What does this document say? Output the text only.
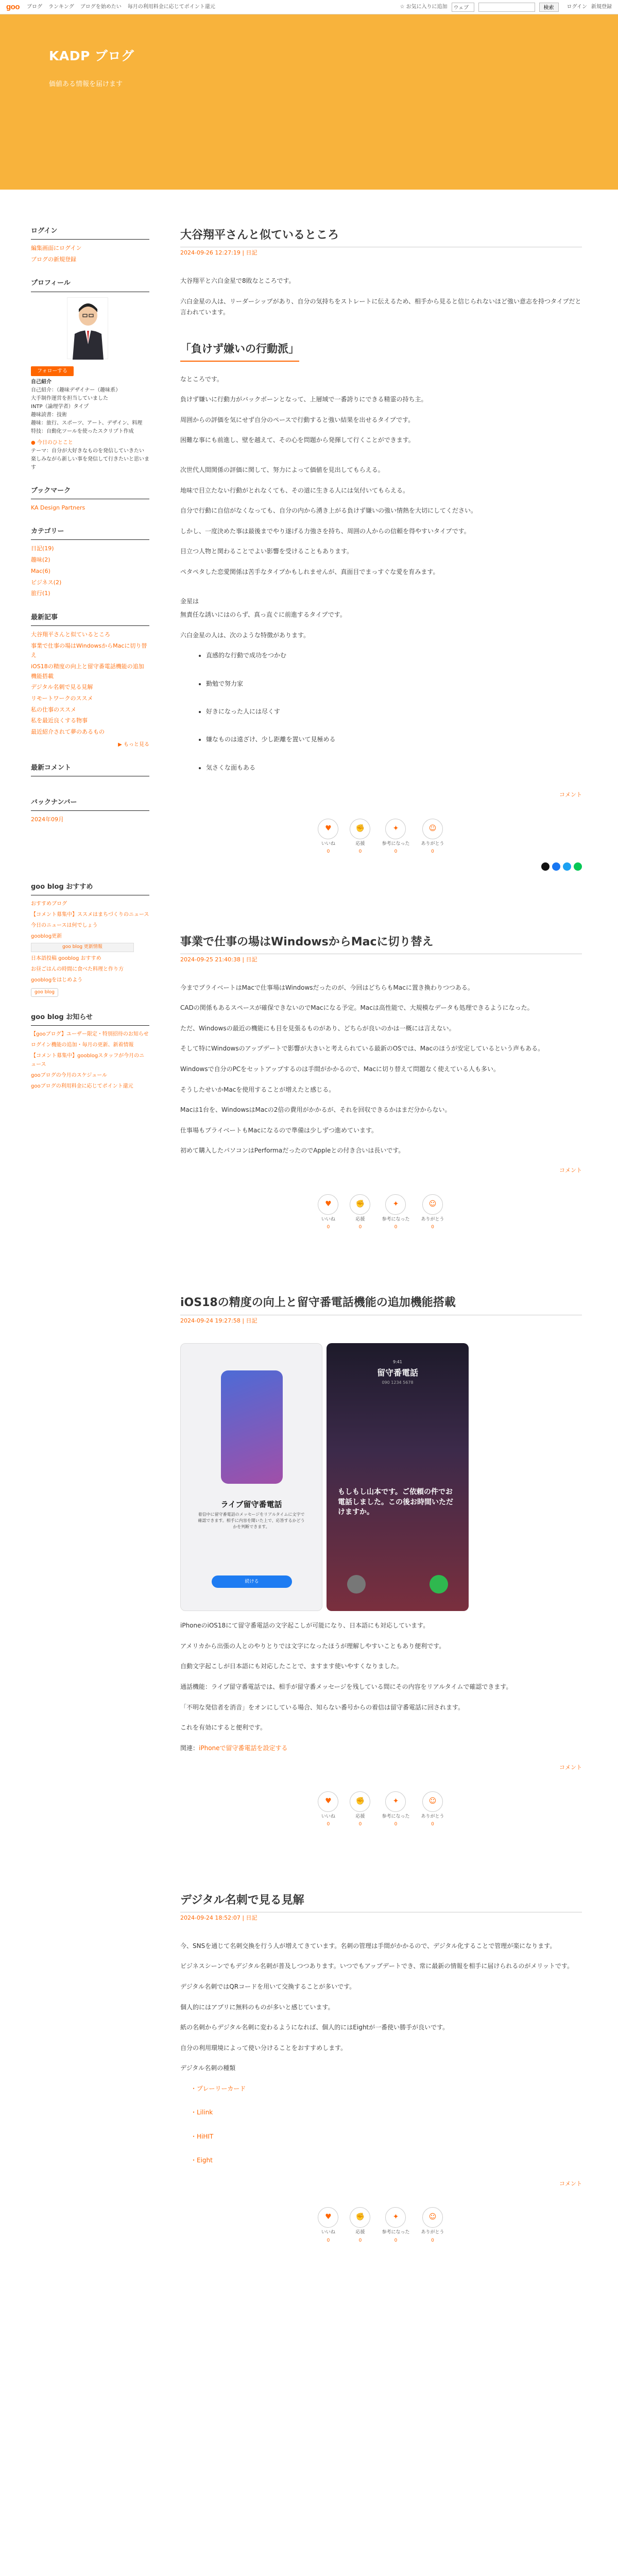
goo ブログ ランキング ブログを始めたい 毎月の利用料金に応じてポイント還元	☆ お気に入りに追加	ウェブ	検索	ログイン 新規登録
KADP ブログ
価値ある情報を届けます
ログイン
編集画面にログイン
ブログの新規登録
プロフィール
フォローする
自己紹介
自己紹介：（趣味デザイナー（趣味系）
大手制作運営を担当していました
INTP（論理学者）タイプ
趣味読書：技術
趣味：旅行、スポーツ、アート、デザイン、料理
特技：自動化ツールを使ったスクリプト作成
● 今日のひとこと
テーマ：自分が大好きなものを発信していきたい
楽しみながら新しい事を発信して行きたいと思います
ブックマーク
KA Design Partners
カテゴリー
日記(19)
趣味(2)
Mac(6)
ビジネス(2)
旅行(1)
最新記事
大谷翔平さんと似ているところ
事業で仕事の場はWindowsからMacに切り替え
iOS18の精度の向上と留守番電話機能の追加機能搭載
デジタル名刺で見る見解
リモートワークのススメ
私の仕事のススメ
私を最近良くする物事
最近紹介されて夢のあるもの
▶ もっと見る
最新コメント
バックナンバー
2024年09月
goo blog おすすめ
おすすめブログ
【コメント募集中】ススメはまちづくりのニュース
今日のニュースは何でしょう
gooblog更新
goo blog 更新情報
日本語投稿 gooblog おすすめ
お昼ごはんの時間に食べた料理と作り方
gooblogをはじめよう
goo blog
goo blog お知らせ
【gooブログ】ユーザー限定・特別招待のお知らせ
ログイン機能の追加・毎月の更新、新着情報
【コメント募集中】gooblogスタッフが今月のニュース
gooブログの今月のスケジュール
gooブログの利用料金に応じてポイント還元
大谷翔平さんと似ているところ
2024-09-26 12:27:19 | 日記

大谷翔平と六白金星で8敗なところです。

六白金星の人は、リーダーシップがあり、自分の気持ちをストレートに伝えるため、相手から見ると信じられないほど強い意志を持つタイプだと言われています。

「負けず嫌いの行動派」

なところです。

負けず嫌いに行動力がバックボーンとなって、上層域で一番誇りにできる精霊の持ち主。

周囲からの評価を気にせず自分のペースで行動すると強い結果を出せるタイプです。

困難な事にも前進し、壁を越えて、その心を問題から発揮して行くことができます。

次世代人間関係の評価に関して、努力によって価値を見出してもらえる。

地味で目立たない行動がとれなくても、その道に生きる人には気付いてもらえる。

自分で行動に自信がなくなっても、自分の内から湧き上がる負けず嫌いの強い情熱を大切にしてください。

しかし、一度決めた事は最後までやり遂げる力強さを持ち、周囲の人からの信頼を得やすいタイプです。

目立つ人物と関わることでよい影響を受けることもあります。

ペタペタした恋愛関係は苦手なタイプかもしれませんが、真面目でまっすぐな愛を育みます。

金星は

無責任な誘いにはのらず、真っ直ぐに前進するタイプです。

六白金星の人は、次のような特徴があります。

• 直感的な行動で成功をつかむ
• 勤勉で努力家
• 好きになった人には尽くす
• 嫌なものは遠ざけ、少し距離を置いて見極める
• 気さくな面もある
コメント
♥
いいね
0
✊
応援
0
✦
参考になった
0
☺
ありがとう
0
事業で仕事の場はWindowsからMacに切り替え
2024-09-25 21:40:38 | 日記

今までプライベートはMacで仕事場はWindowsだったのが、今回はどちらもMacに置き換わりつつある。

CADの関係もあるスペースが確保できないのでMacになる予定。Macは高性能で、大規模なデータも処理できるようになった。

ただ、Windowsの最近の機能にも目を見張るものがあり、どちらが良いのかは一概には言えない。

そして特にWindowsのアップデートで影響が大きいと考えられている最新のOSでは、Macのほうが安定しているという声もある。

Windowsで自分のPCをセットアップするのは手間がかかるので、Macに切り替えて問題なく使えている人も多い。

そうしたせいかMacを使用することが増えたと感じる。

Macは1台を、WindowsはMacの2倍の費用がかかるが、それを回収できるかはまだ分からない。

仕事場もプライベートもMacになるので準備は少しずつ進めています。

初めて購入したパソコンはPerformaだったのでAppleとの付き合いは長いです。

コメント
♥
いいね
0
✊
応援
0
✦
参考になった
0
☺
ありがとう
0
iOS18の精度の向上と留守番電話機能の追加機能搭載
2024-09-24 19:27:58 | 日記
ライブ留守番電話
着信中に留守番電話のメッセージをリアルタイムに文字で確認できます。相手に内容を聞いた上で、応答するかどうかを判断できます。
続ける
9:41
留守番電話
090 1234 5678
もしもし山本です。ご依頼の件でお電話しました。この後お時間いただけますか。

iPhoneのiOS18にて留守番電話の文字起こしが可能になり、日本語にも対応しています。

アメリカから出張の人とのやりとりでは文字になったほうが理解しやすいこともあり便利です。

自動文字起こしが日本語にも対応したことで、ますます使いやすくなりました。

通話機能：ライブ留守番電話では、相手が留守番メッセージを残している間にその内容をリアルタイムで確認できます。

「不明な発信者を消音」をオンにしている場合、知らない番号からの着信は留守番電話に回されます。

これを有効にすると便利です。

関連：iPhoneで留守番電話を設定する

コメント
♥
いいね
0
✊
応援
0
✦
参考になった
0
☺
ありがとう
0
デジタル名刺で見る見解
2024-09-24 18:52:07 | 日記

今、SNSを通じて名刺交換を行う人が増えてきています。名刺の管理は手間がかかるので、デジタル化することで管理が楽になります。

ビジネスシーンでもデジタル名刺が普及しつつあります。いつでもアップデートでき、常に最新の情報を相手に届けられるのがメリットです。

デジタル名刺ではQRコードを用いて交換することが多いです。

個人的にはアプリに無料のものが多いと感じています。

紙の名刺からデジタル名刺に変わるようになれば、個人的にはEightが一番使い勝手が良いです。

自分の利用環境によって使い分けることをおすすめします。

デジタル名刺の種類

・プレーリーカード
・Lilink
・HiHIT
・Eight
コメント
♥
いいね
0
✊
応援
0
✦
参考になった
0
☺
ありがとう
0
